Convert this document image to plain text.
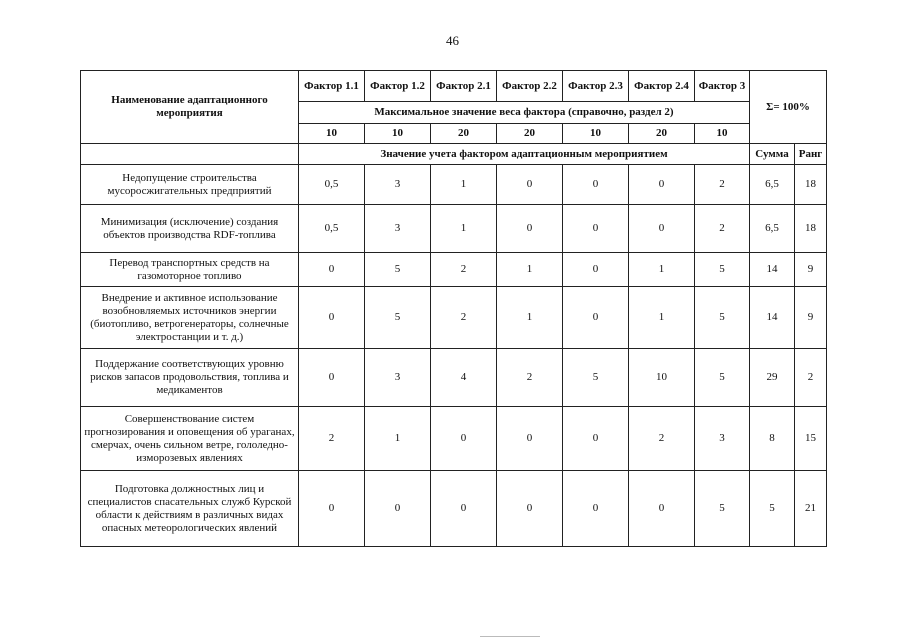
46
Наименование адаптационного мероприятия	Фактор 1.1	Фактор 1.2	Фактор 2.1	Фактор 2.2	Фактор 2.3	Фактор 2.4	Фактор 3	Σ= 100%	
	Максимальное значение веса фактора (справочно, раздел 2)								
	10	10	20	20	10	20	10		
	Значение учета фактором адаптационным мероприятием							Сумма	Ранг
Недопущение строительства мусоросжигательных предприятий	0,5	3	1	0	0	0	2	6,5	18
Минимизация (исключение) создания объектов производства RDF-топлива	0,5	3	1	0	0	0	2	6,5	18
Перевод транспортных средств на газомоторное топливо	0	5	2	1	0	1	5	14	9
Внедрение и активное использование возобновляемых источников энергии (биотопливо, ветрогенераторы, солнечные электростанции и т. д.)	0	5	2	1	0	1	5	14	9
Поддержание соответствующих уровню рисков запасов продовольствия, топлива и медикаментов	0	3	4	2	5	10	5	29	2
Совершенствование систем прогнозирования и оповещения об ураганах, смерчах, очень сильном ветре, гололедно-изморозевых явлениях	2	1	0	0	0	2	3	8	15
Подготовка должностных лиц и специалистов спасательных служб Курской области к действиям в различных видах опасных метеорологических явлений	0	0	0	0	0	0	5	5	21
